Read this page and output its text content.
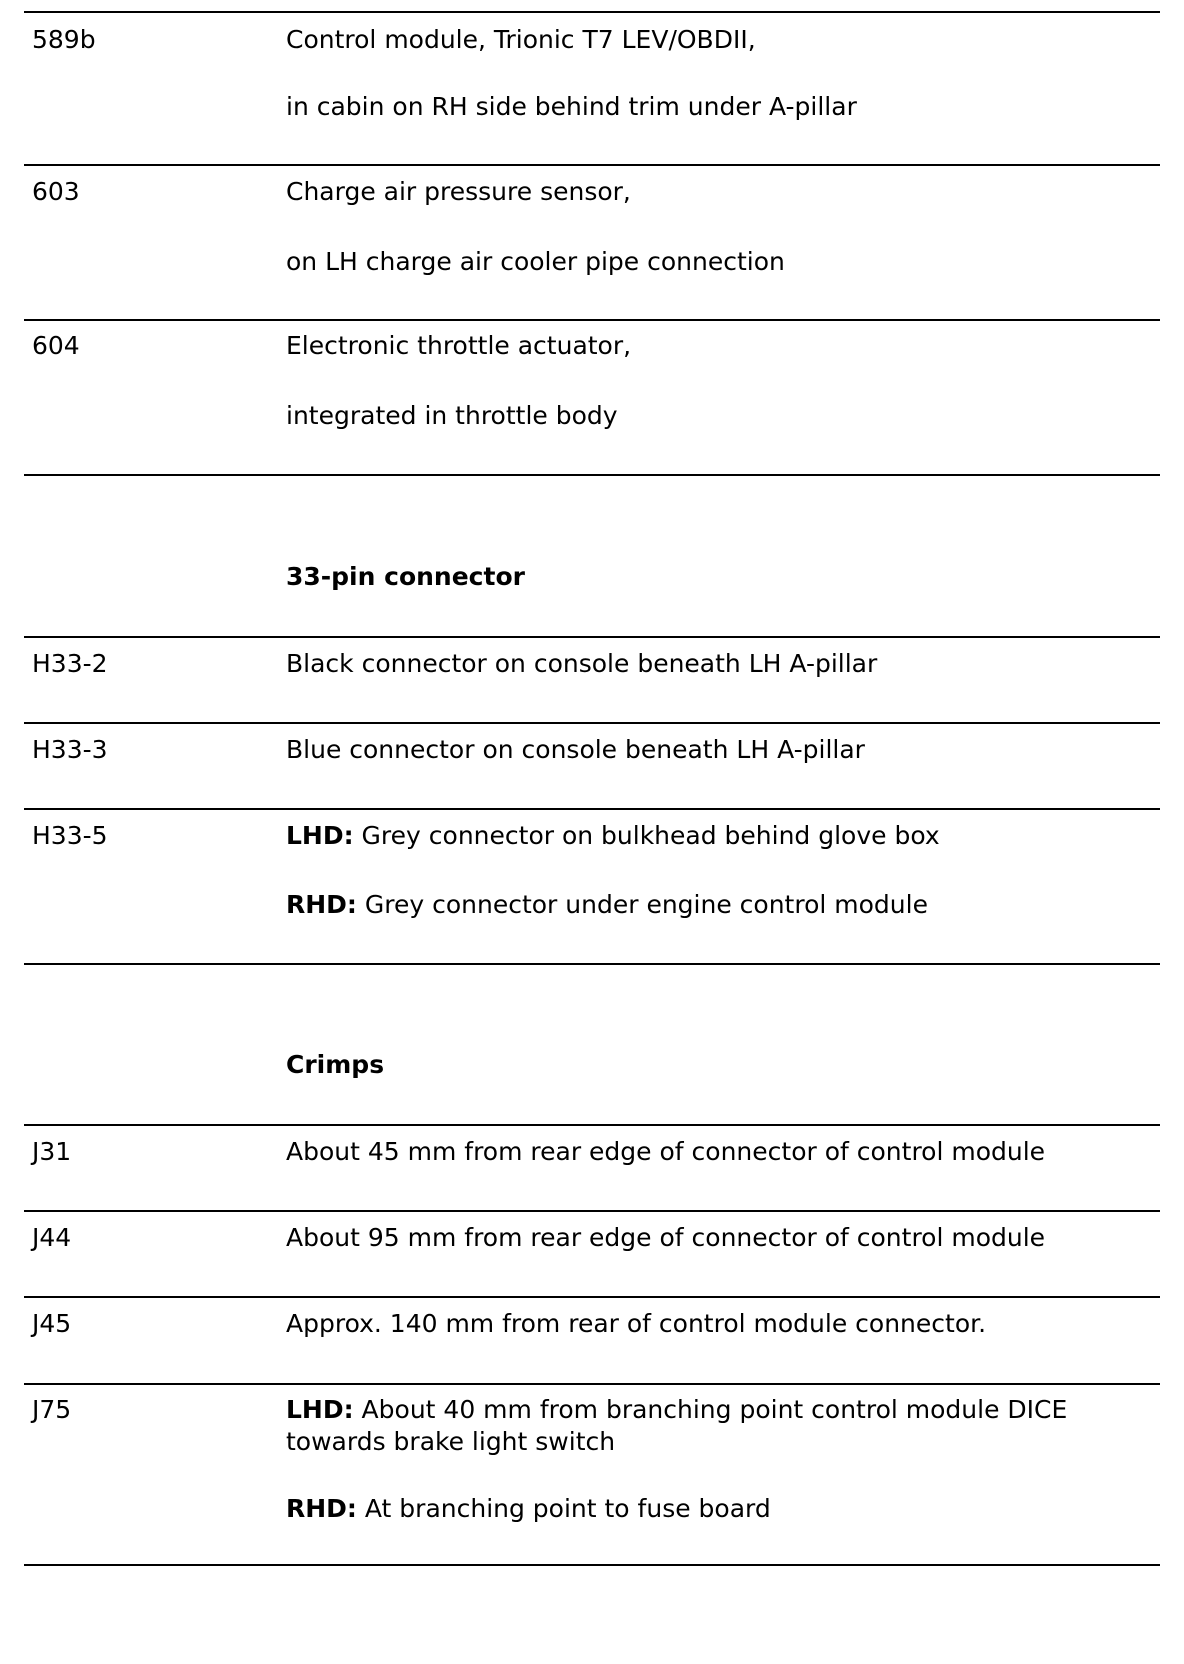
589b	Control module, Trionic T7 LEV/OBDII,
in cabin on RH side behind trim under A-pillar
603	Charge air pressure sensor,
on LH charge air cooler pipe connection
604	Electronic throttle actuator,
integrated in throttle body
33-pin connector
H33-2	Black connector on console beneath LH A-pillar
H33-3	Blue connector on console beneath LH A-pillar
H33-5	LHD: Grey connector on bulkhead behind glove box
RHD: Grey connector under engine control module
Crimps
J31	About 45 mm from rear edge of connector of control module
J44	About 95 mm from rear edge of connector of control module
J45	Approx. 140 mm from rear of control module connector.
J75	LHD: About 40 mm from branching point control module DICE towards brake light switch
RHD: At branching point to fuse board
